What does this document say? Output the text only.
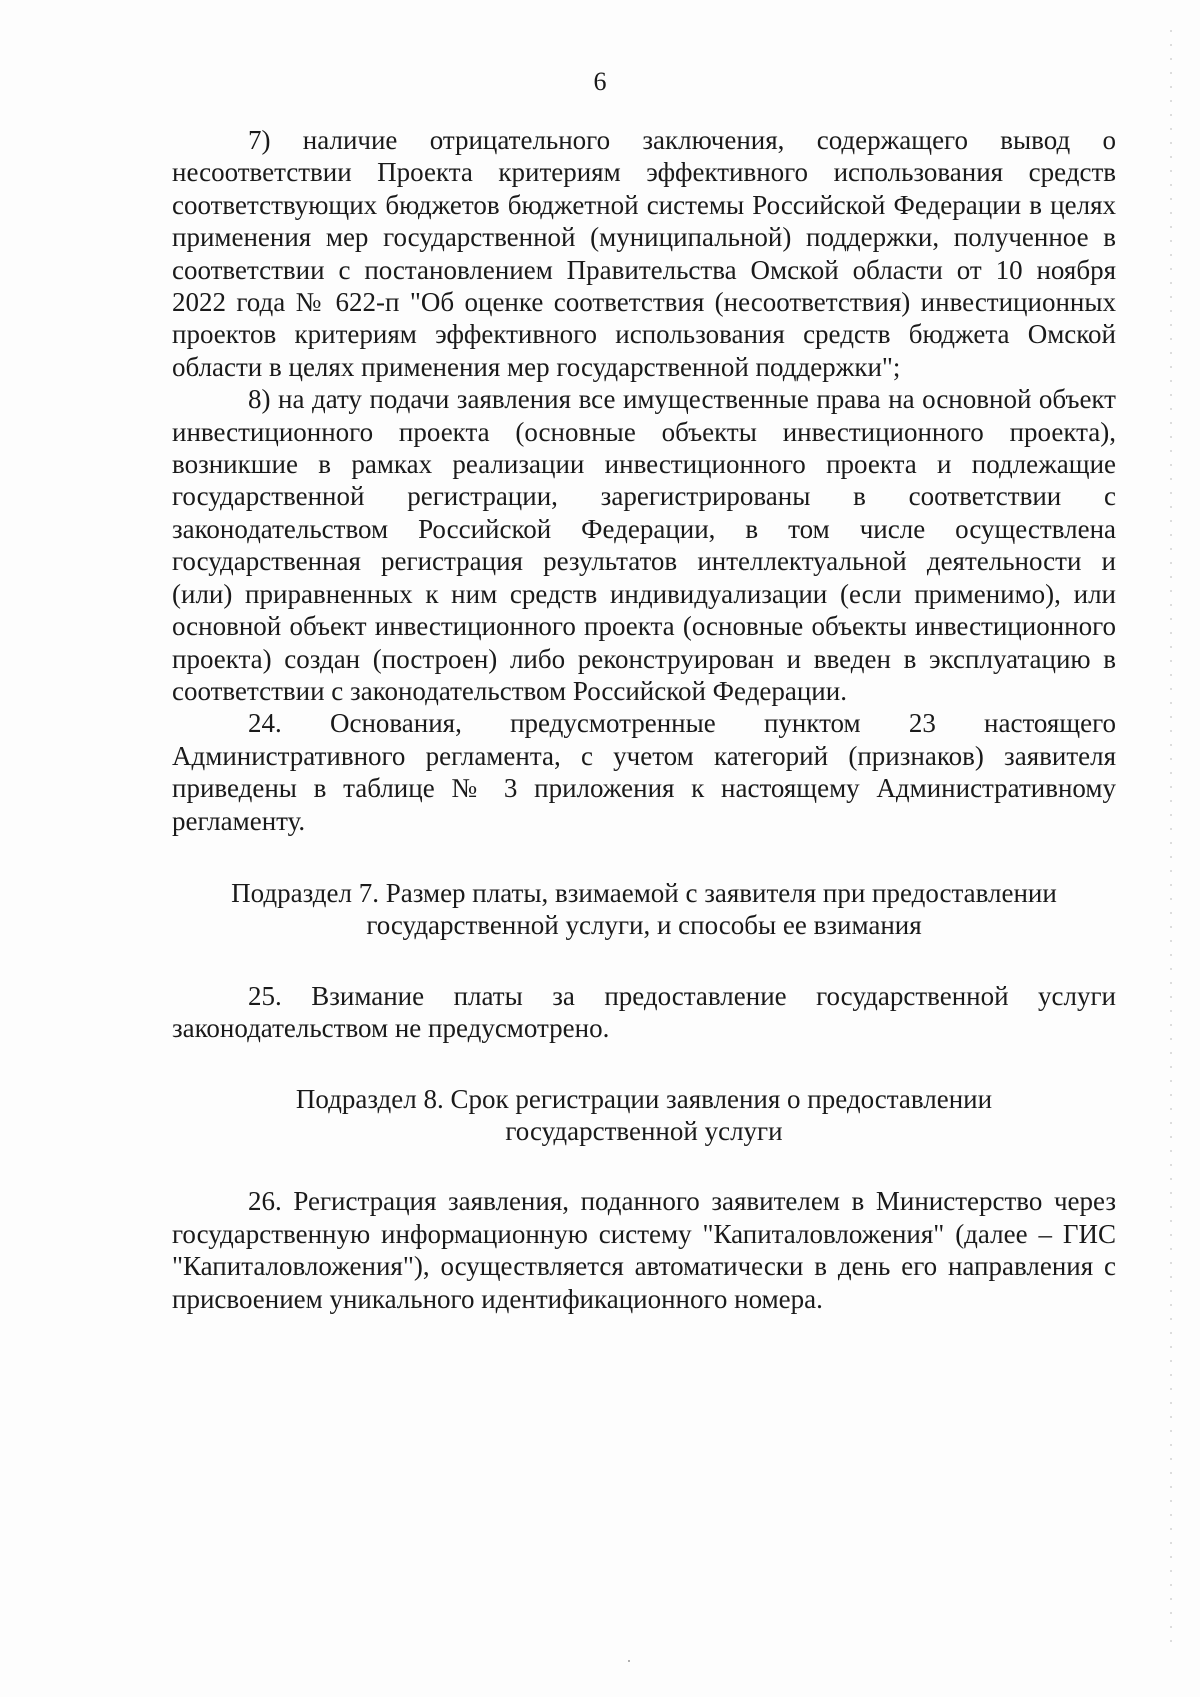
6

7) наличие отрицательного заключения, содержащего вывод о несоответствии Проекта критериям эффективного использования средств соответствующих бюджетов бюджетной системы Российской Федерации в целях применения мер государственной (муниципальной) поддержки, полученное в соответствии с постановлением Правительства Омской области от 10 ноября 2022 года № 622-п "Об оценке соответствия (несоответствия) инвестиционных проектов критериям эффективного использования средств бюджета Омской области в целях применения мер государственной поддержки";

8) на дату подачи заявления все имущественные права на основной объект инвестиционного проекта (основные объекты инвестиционного проекта), возникшие в рамках реализации инвестиционного проекта и подлежащие государственной регистрации, зарегистрированы в соответствии с законодательством Российской Федерации, в том числе осуществлена государственная регистрация результатов интеллектуальной деятельности и (или) приравненных к ним средств индивидуализации (если применимо), или основной объект инвестиционного проекта (основные объекты инвестиционного проекта) создан (построен) либо реконструирован и введен в эксплуатацию в соответствии с законодательством Российской Федерации.

24. Основания, предусмотренные пунктом 23 настоящего Административного регламента, с учетом категорий (признаков) заявителя приведены в таблице № 3 приложения к настоящему Административному регламенту.

Подраздел 7. Размер платы, взимаемой с заявителя при предоставлении
государственной услуги, и способы ее взимания

25. Взимание платы за предоставление государственной услуги законодательством не предусмотрено.

Подраздел 8. Срок регистрации заявления о предоставлении
государственной услуги

26. Регистрация заявления, поданного заявителем в Министерство через государственную информационную систему "Капиталовложения" (далее – ГИС "Капиталовложения"), осуществляется автоматически в день его направления с присвоением уникального идентификационного номера.
